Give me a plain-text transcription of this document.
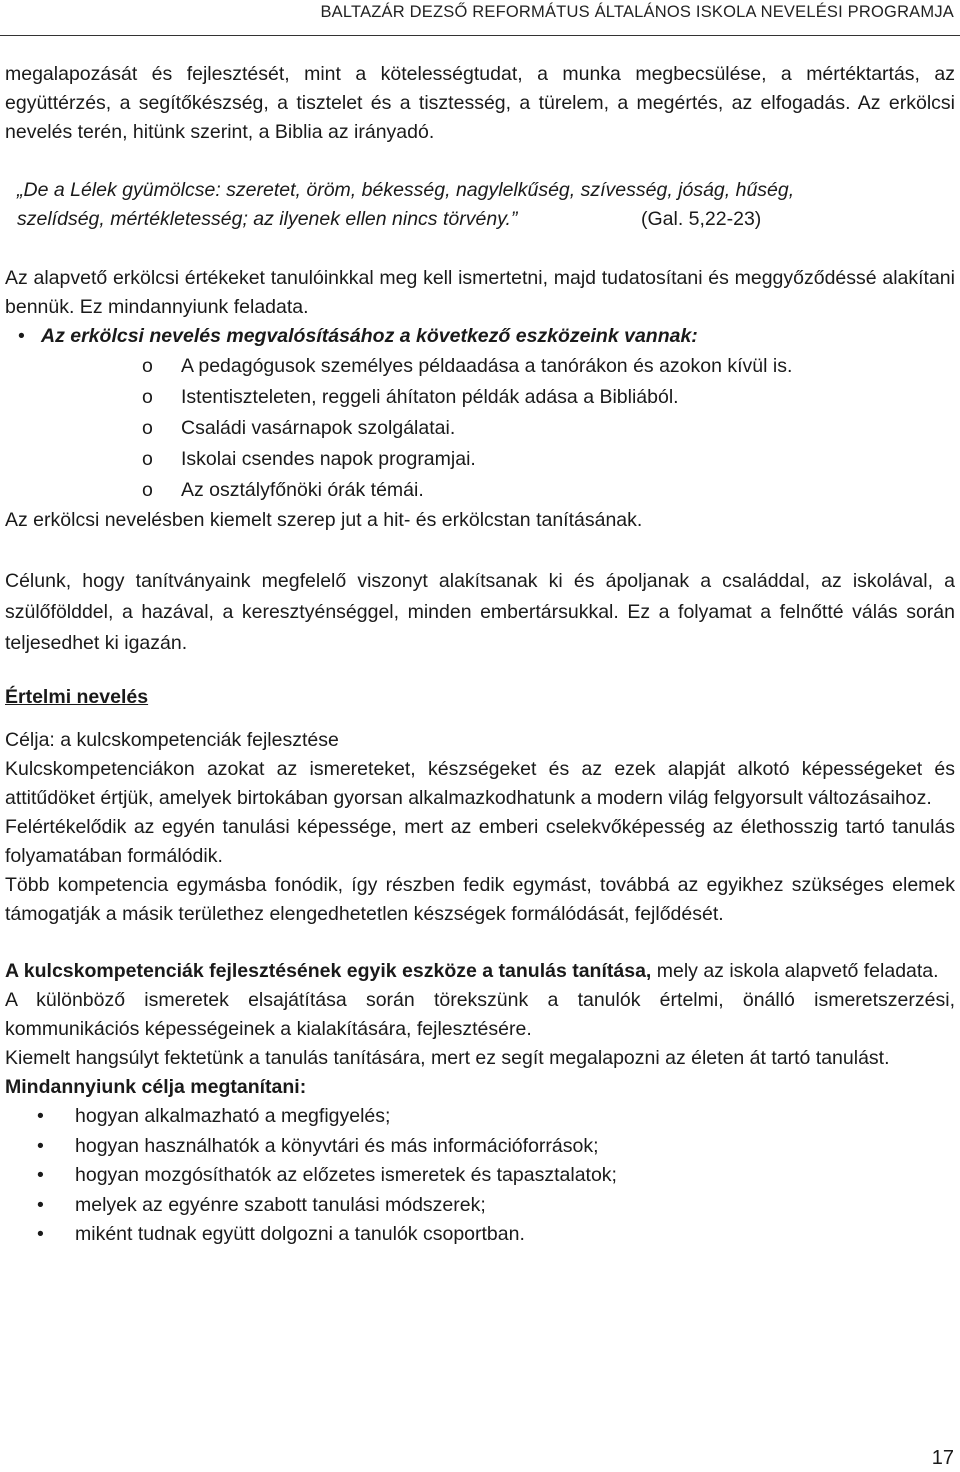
BALTAZÁR DEZSŐ REFORMÁTUS ÁLTALÁNOS ISKOLA NEVELÉSI PROGRAMJA

megalapozását és fejlesztését, mint a kötelességtudat, a munka megbecsülése, a mértéktartás, az együttérzés, a segítőkészség, a tisztelet és a tisztesség, a türelem, a megértés, az elfogadás. Az erkölcsi nevelés terén, hitünk szerint, a Biblia az irányadó.

„De a Lélek gyümölcse: szeretet, öröm, békesség, nagylelkűség, szívesség, jóság, hűség,

szelídség, mértékletesség; az ilyenek ellen nincs törvény.”	(Gal. 5,22-23)

Az alapvető erkölcsi értékeket tanulóinkkal meg kell ismertetni, majd tudatosítani és meggyőződéssé alakítani bennük. Ez mindannyiunk feladata.

• Az erkölcsi nevelés megvalósításához a következő eszközeink vannak:

o A pedagógusok személyes példaadása a tanórákon és azokon kívül is.
o Istentiszteleten, reggeli áhítaton példák adása a Bibliából.
o Családi vasárnapok szolgálatai.
o Iskolai csendes napok programjai.
o Az osztályfőnöki órák témái.

Az erkölcsi nevelésben kiemelt szerep jut a hit- és erkölcstan tanításának.

Célunk, hogy tanítványaink megfelelő viszonyt alakítsanak ki és ápoljanak a családdal, az iskolával, a szülőfölddel, a hazával, a keresztyénséggel, minden embertársukkal. Ez a folyamat a felnőtté válás során teljesedhet ki igazán.

Értelmi nevelés

Célja: a kulcskompetenciák fejlesztése

Kulcskompetenciákon azokat az ismereteket, készségeket és az ezek alapját alkotó képességeket és attitűdöket értjük, amelyek birtokában gyorsan alkalmazkodhatunk a modern világ felgyorsult változásaihoz.

Felértékelődik az egyén tanulási képessége, mert az emberi cselekvőképesség az élethosszig tartó tanulás folyamatában formálódik.

Több kompetencia egymásba fonódik, így részben fedik egymást, továbbá az egyikhez szükséges elemek támogatják a másik területhez elengedhetetlen készségek formálódását, fejlődését.

A kulcskompetenciák fejlesztésének egyik eszköze a tanulás tanítása, mely az iskola alapvető feladata.

A különböző ismeretek elsajátítása során törekszünk a tanulók értelmi, önálló ismeretszerzési, kommunikációs képességeinek a kialakítására, fejlesztésére.

Kiemelt hangsúlyt fektetünk a tanulás tanítására, mert ez segít megalapozni az életen át tartó tanulást.

Mindannyiunk célja megtanítani:

• hogyan alkalmazható a megfigyelés;
• hogyan használhatók a könyvtári és más információforrások;
• hogyan mozgósíthatók az előzetes ismeretek és tapasztalatok;
• melyek az egyénre szabott tanulási módszerek;
• miként tudnak együtt dolgozni a tanulók csoportban.
17
